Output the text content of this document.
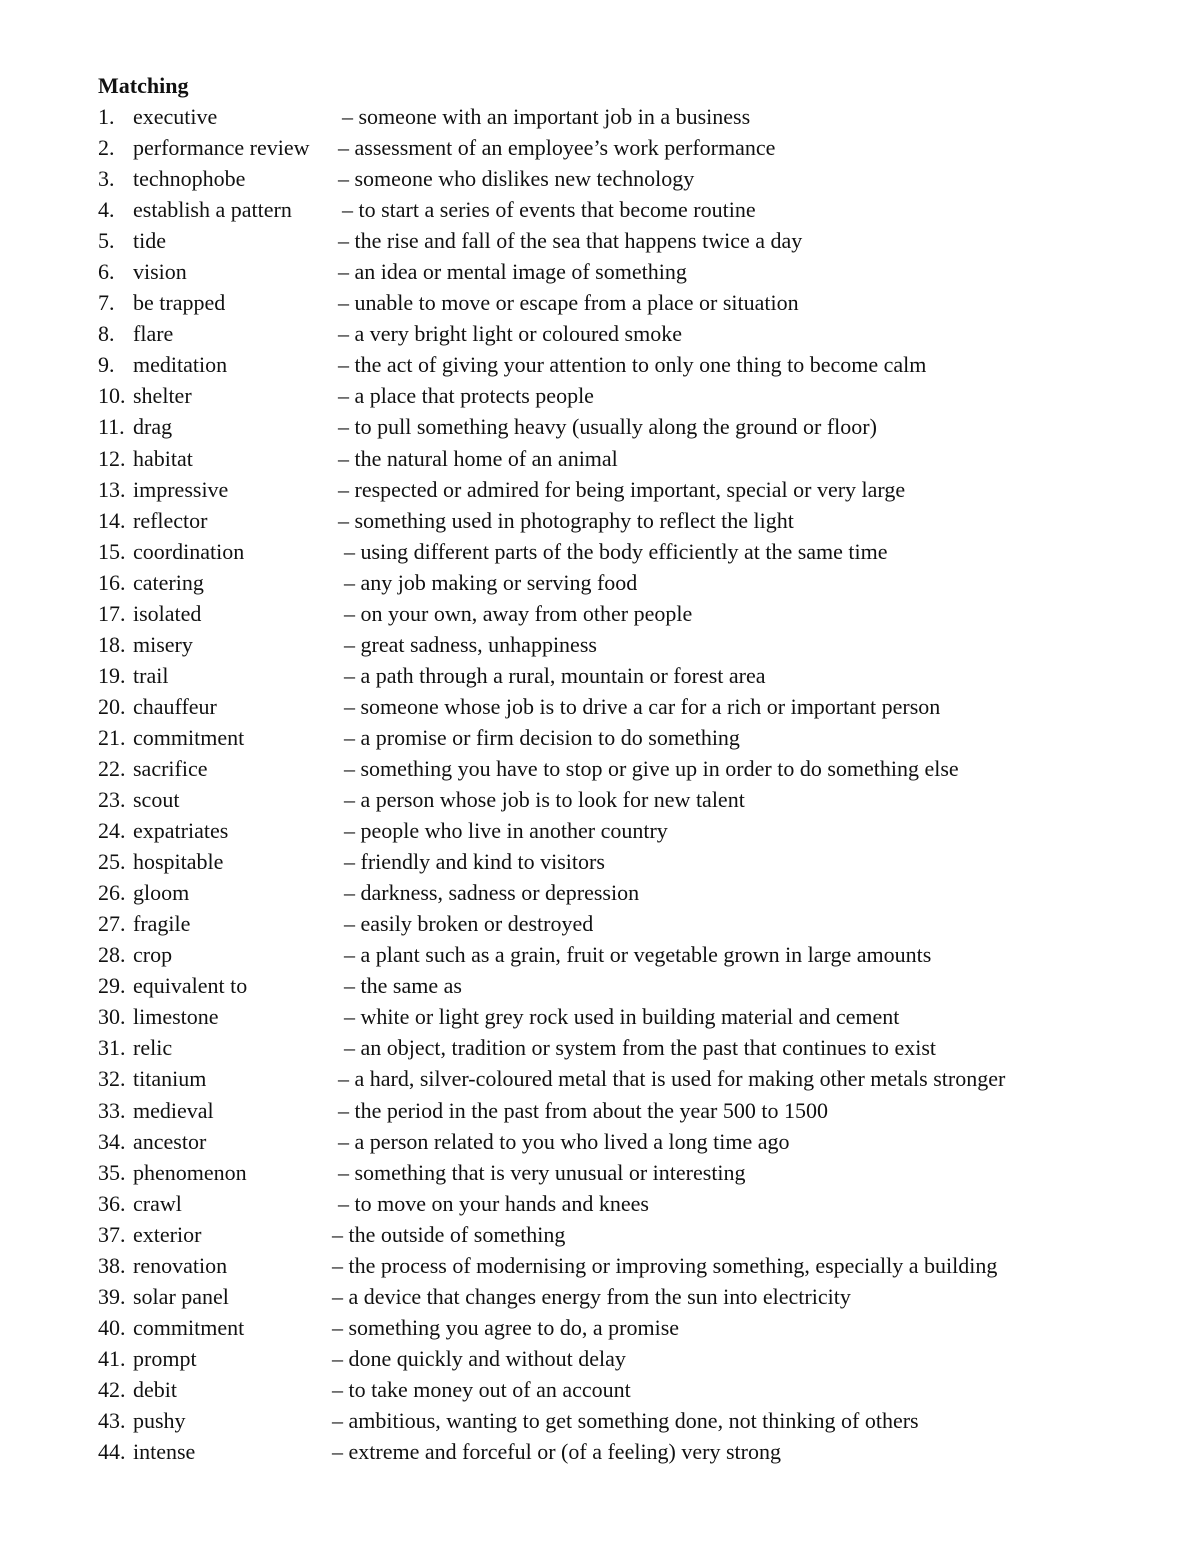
Matching
1. executive	– someone with an important job in a business
2. performance review – assessment of an employee’s work performance
3. technophobe	– someone who dislikes new technology
4. establish a pattern – to start a series of events that become routine
5. tide	– the rise and fall of the sea that happens twice a day
6. vision	– an idea or mental image of something
7. be trapped	– unable to move or escape from a place or situation
8. flare	– a very bright light or coloured smoke
9. meditation	– the act of giving your attention to only one thing to become calm
10. shelter	– a place that protects people
11. drag	– to pull something heavy (usually along the ground or floor)
12. habitat	– the natural home of an animal
13. impressive	– respected or admired for being important, special or very large
14. reflector	– something used in photography to reflect the light
15. coordination	– using different parts of the body efficiently at the same time
16. catering	– any job making or serving food
17. isolated	– on your own, away from other people
18. misery	– great sadness, unhappiness
19. trail	– a path through a rural, mountain or forest area
20. chauffeur	– someone whose job is to drive a car for a rich or important person
21. commitment	– a promise or firm decision to do something
22. sacrifice	– something you have to stop or give up in order to do something else
23. scout	– a person whose job is to look for new talent
24. expatriates	– people who live in another country
25. hospitable	– friendly and kind to visitors
26. gloom	– darkness, sadness or depression
27. fragile	– easily broken or destroyed
28. crop	– a plant such as a grain, fruit or vegetable grown in large amounts
29. equivalent to	– the same as
30. limestone	– white or light grey rock used in building material and cement
31. relic	– an object, tradition or system from the past that continues to exist
32. titanium	– a hard, silver-coloured metal that is used for making other metals stronger
33. medieval	– the period in the past from about the year 500 to 1500
34. ancestor	– a person related to you who lived a long time ago
35. phenomenon	– something that is very unusual or interesting
36. crawl	– to move on your hands and knees
37. exterior	– the outside of something
38. renovation	– the process of modernising or improving something, especially a building
39. solar panel	– a device that changes energy from the sun into electricity
40. commitment	– something you agree to do, a promise
41. prompt	– done quickly and without delay
42. debit	– to take money out of an account
43. pushy	– ambitious, wanting to get something done, not thinking of others
44. intense	– extreme and forceful or (of a feeling) very strong
